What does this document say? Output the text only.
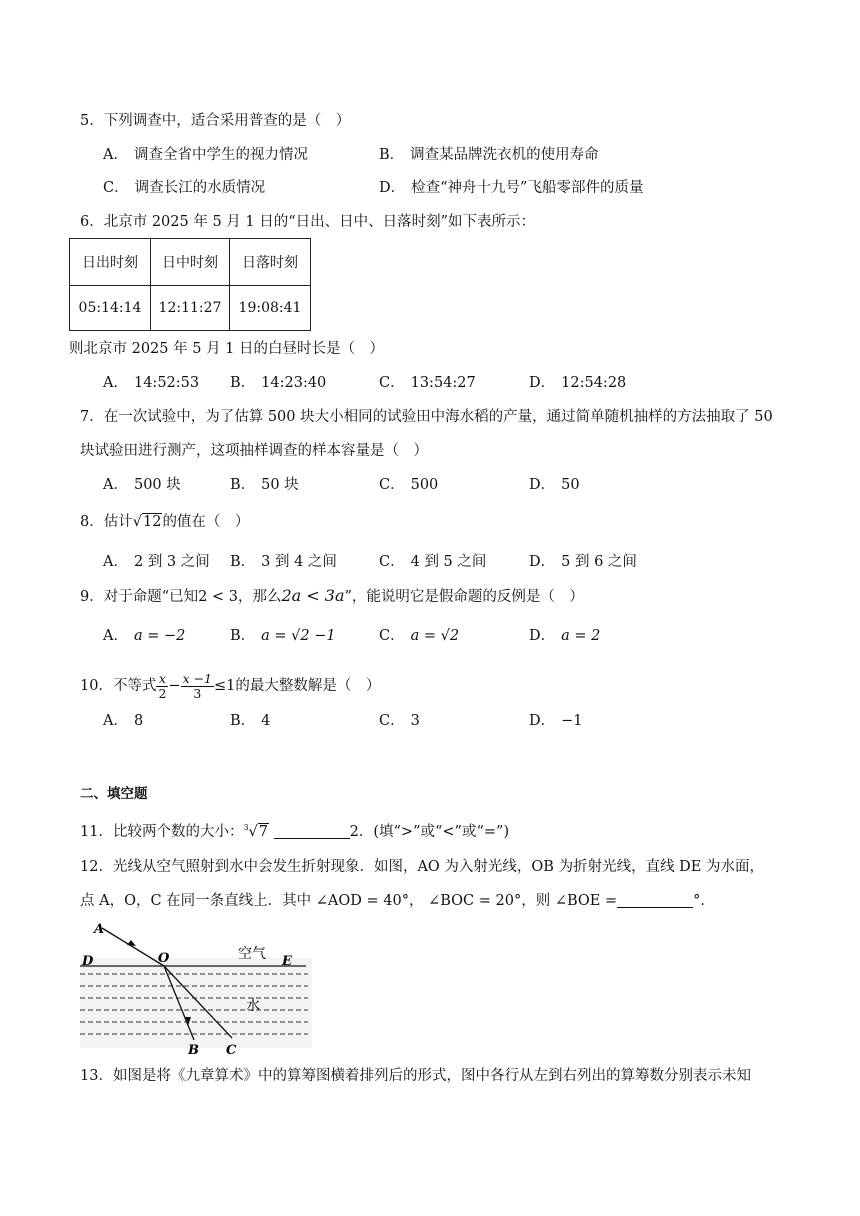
5．下列调查中，适合采用普查的是（　）
A． 调查全省中学生的视力情况	B． 调查某品牌洗衣机的使用寿命
C． 调查长江的水质情况	D． 检查“神舟十九号”飞船零部件的质量
6．北京市 2025 年 5 月 1 日的“日出、日中、日落时刻”如下表所示：
日出时刻	日中时刻	日落时刻
05:14:14	12:11:27	19:08:41
则北京市 2025 年 5 月 1 日的白昼时长是（　）
A． 14:52:53 B． 14:23:40	C． 13:54:27	D． 12:54:28
7．在一次试验中，为了估算 500 块大小相同的试验田中海水稻的产量，通过简单随机抽样的方法抽取了 50
块试验田进行测产，这项抽样调查的样本容量是（　）
A． 500 块	B． 50 块	C． 500	D． 50
8．估计√12的值在（　）
A． 2 到 3 之间 B． 3 到 4 之间	C． 4 到 5 之间	D． 5 到 6 之间
9．对于命题“已知2 < 3，那么2a < 3a”，能说明它是假命题的反例是（　）
A． a = −2	B． a = √2 −1	C． a = √2	D． a = 2
10．不等式 $\frac{x}{2} - \frac{x -1}{3} \le 1$的最大整数解是（　）
A． 8	B． 4	C． 3	D． −1
二、填空题
11．比较两个数的大小：$^3$√7	2．(填“>”或“<”或“=”)
12．光线从空气照射到水中会发生折射现象．如图，AO 为入射光线，OB 为折射光线，直线 DE 为水面，
点 A，O，C 在同一条直线上．其中 ∠AOD = 40°， ∠BOC = 20°，则 ∠BOE =	°．
A
D	O	E
空气
水
B C
13．如图是将《九章算术》中的算筹图横着排列后的形式，图中各行从左到右列出的算筹数分别表示未知
